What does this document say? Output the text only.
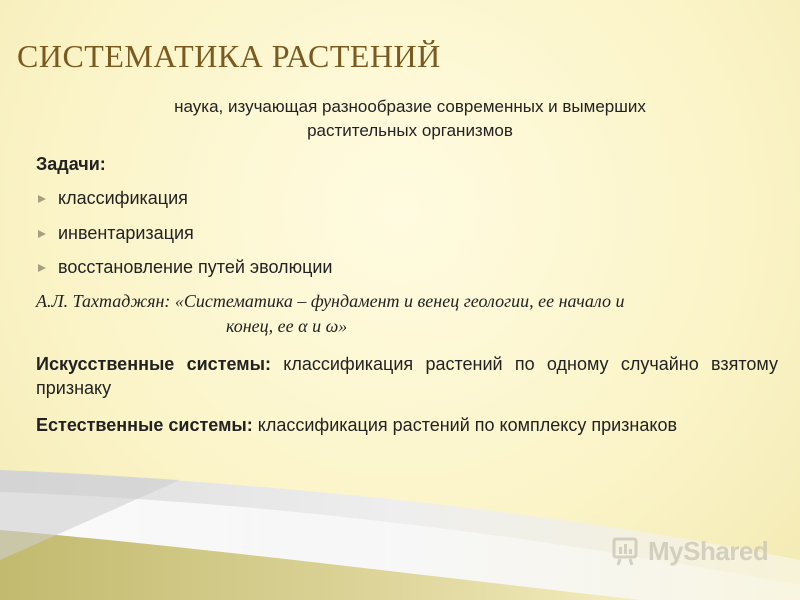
СИСТЕМАТИКА РАСТЕНИЙ
наука, изучающая разнообразие современных и вымерших
растительных организмов
Задачи:
классификация
инвентаризация
восстановление путей эволюции
А.Л. Тахтаджян: «Систематика – фундамент и венец геологии, ее начало и
конец, ее α и ω»
Искусственные системы: классификация растений по одному случайно взятому признаку
Естественные системы: классификация растений по комплексу признаков
MyShared
